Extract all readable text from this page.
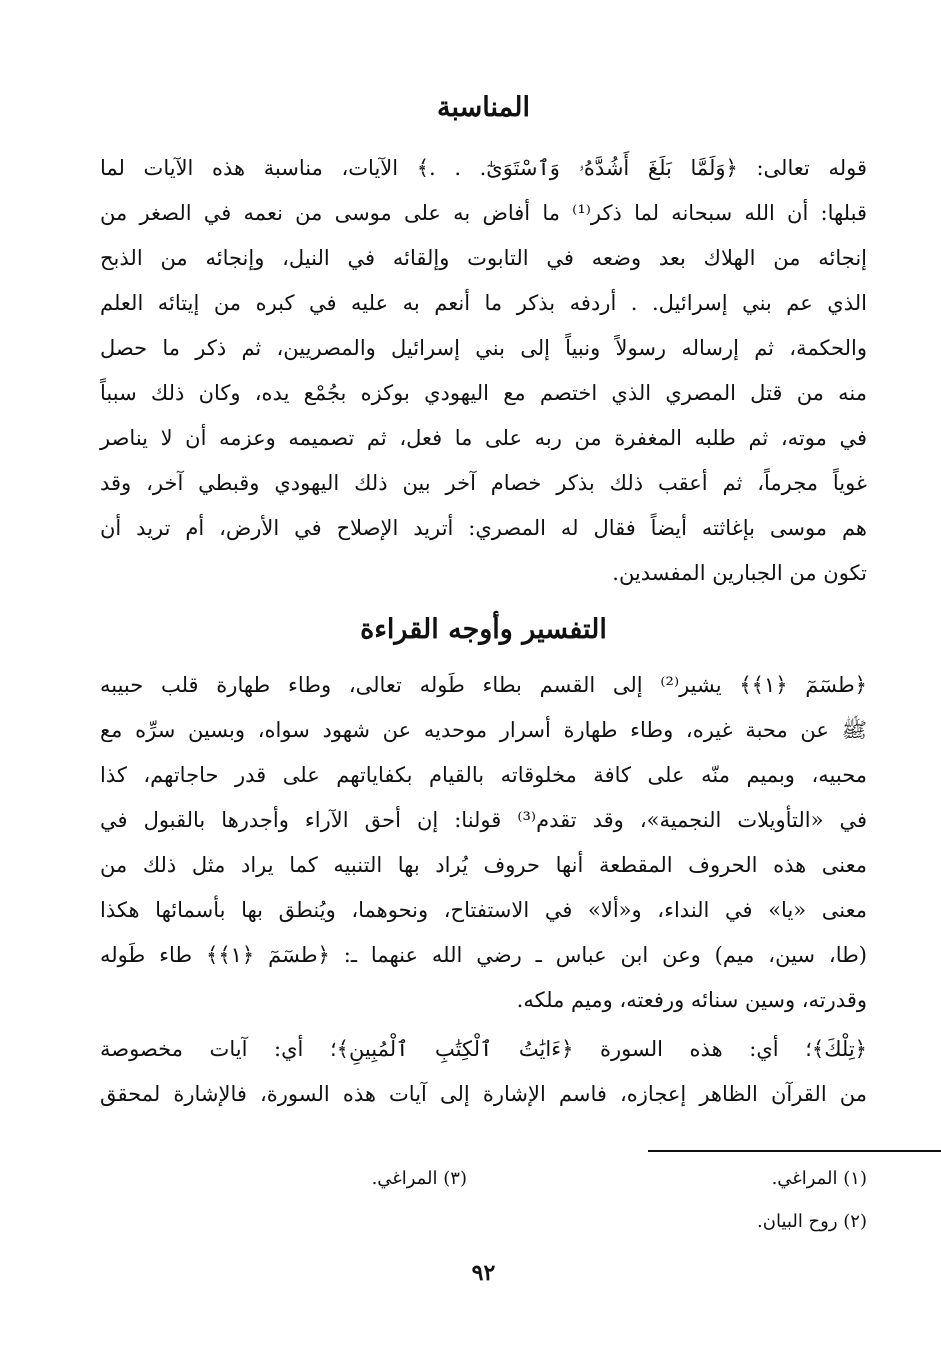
المناسبة
قوله تعالى: ﴿وَلَمَّا بَلَغَ أَشُدَّهُۥ وَٱسْتَوَىٰٓ. . .﴾ الآيات، مناسبة هذه الآيات لما
قبلها: أن الله سبحانه لما ذكر⁽¹⁾ ما أفاض به على موسى من نعمه في الصغر من
إنجائه من الهلاك بعد وضعه في التابوت وإلقائه في النيل، وإنجائه من الذبح
الذي عم بني إسرائيل. . أردفه بذكر ما أنعم به عليه في كبره من إيتائه العلم
والحكمة، ثم إرساله رسولاً ونبياً إلى بني إسرائيل والمصريين، ثم ذكر ما حصل
منه من قتل المصري الذي اختصم مع اليهودي بوكزه بجُمْع يده، وكان ذلك سبباً
في موته، ثم طلبه المغفرة من ربه على ما فعل، ثم تصميمه وعزمه أن لا يناصر
غوياً مجرماً، ثم أعقب ذلك بذكر خصام آخر بين ذلك اليهودي وقبطي آخر، وقد
هم موسى بإغاثته أيضاً فقال له المصري: أتريد الإصلاح في الأرض، أم تريد أن
تكون من الجبارين المفسدين.
التفسير وأوجه القراءة
﴿طسٓمٓ ﴿١﴾﴾ يشير⁽²⁾ إلى القسم بطاء طَوله تعالى، وطاء طهارة قلب حبيبه
ﷺ عن محبة غيره، وطاء طهارة أسرار موحديه عن شهود سواه، وبسين سرِّه مع
محبيه، وبميم منّه على كافة مخلوقاته بالقيام بكفاياتهم على قدر حاجاتهم، كذا
في «التأويلات النجمية»، وقد تقدم⁽³⁾ قولنا: إن أحق الآراء وأجدرها بالقبول في
معنى هذه الحروف المقطعة أنها حروف يُراد بها التنبيه كما يراد مثل ذلك من
معنى «يا» في النداء، و«ألا» في الاستفتاح، ونحوهما، ويُنطق بها بأسمائها هكذا
(طا، سين، ميم) وعن ابن عباس ـ رضي الله عنهما ـ: ﴿طسٓمٓ ﴿١﴾﴾ طاء طَوله
وقدرته، وسين سنائه ورفعته، وميم ملكه.
﴿تِلْكَ﴾؛ أي: هذه السورة ﴿ءَايَٰتُ ٱلْكِتَٰبِ ٱلْمُبِينِ﴾؛ أي: آيات مخصوصة
من القرآن الظاهر إعجازه، فاسم الإشارة إلى آيات هذه السورة، فالإشارة لمحقق
(١) المراغي.
(٣) المراغي.
(٢) روح البيان.
٩٢
